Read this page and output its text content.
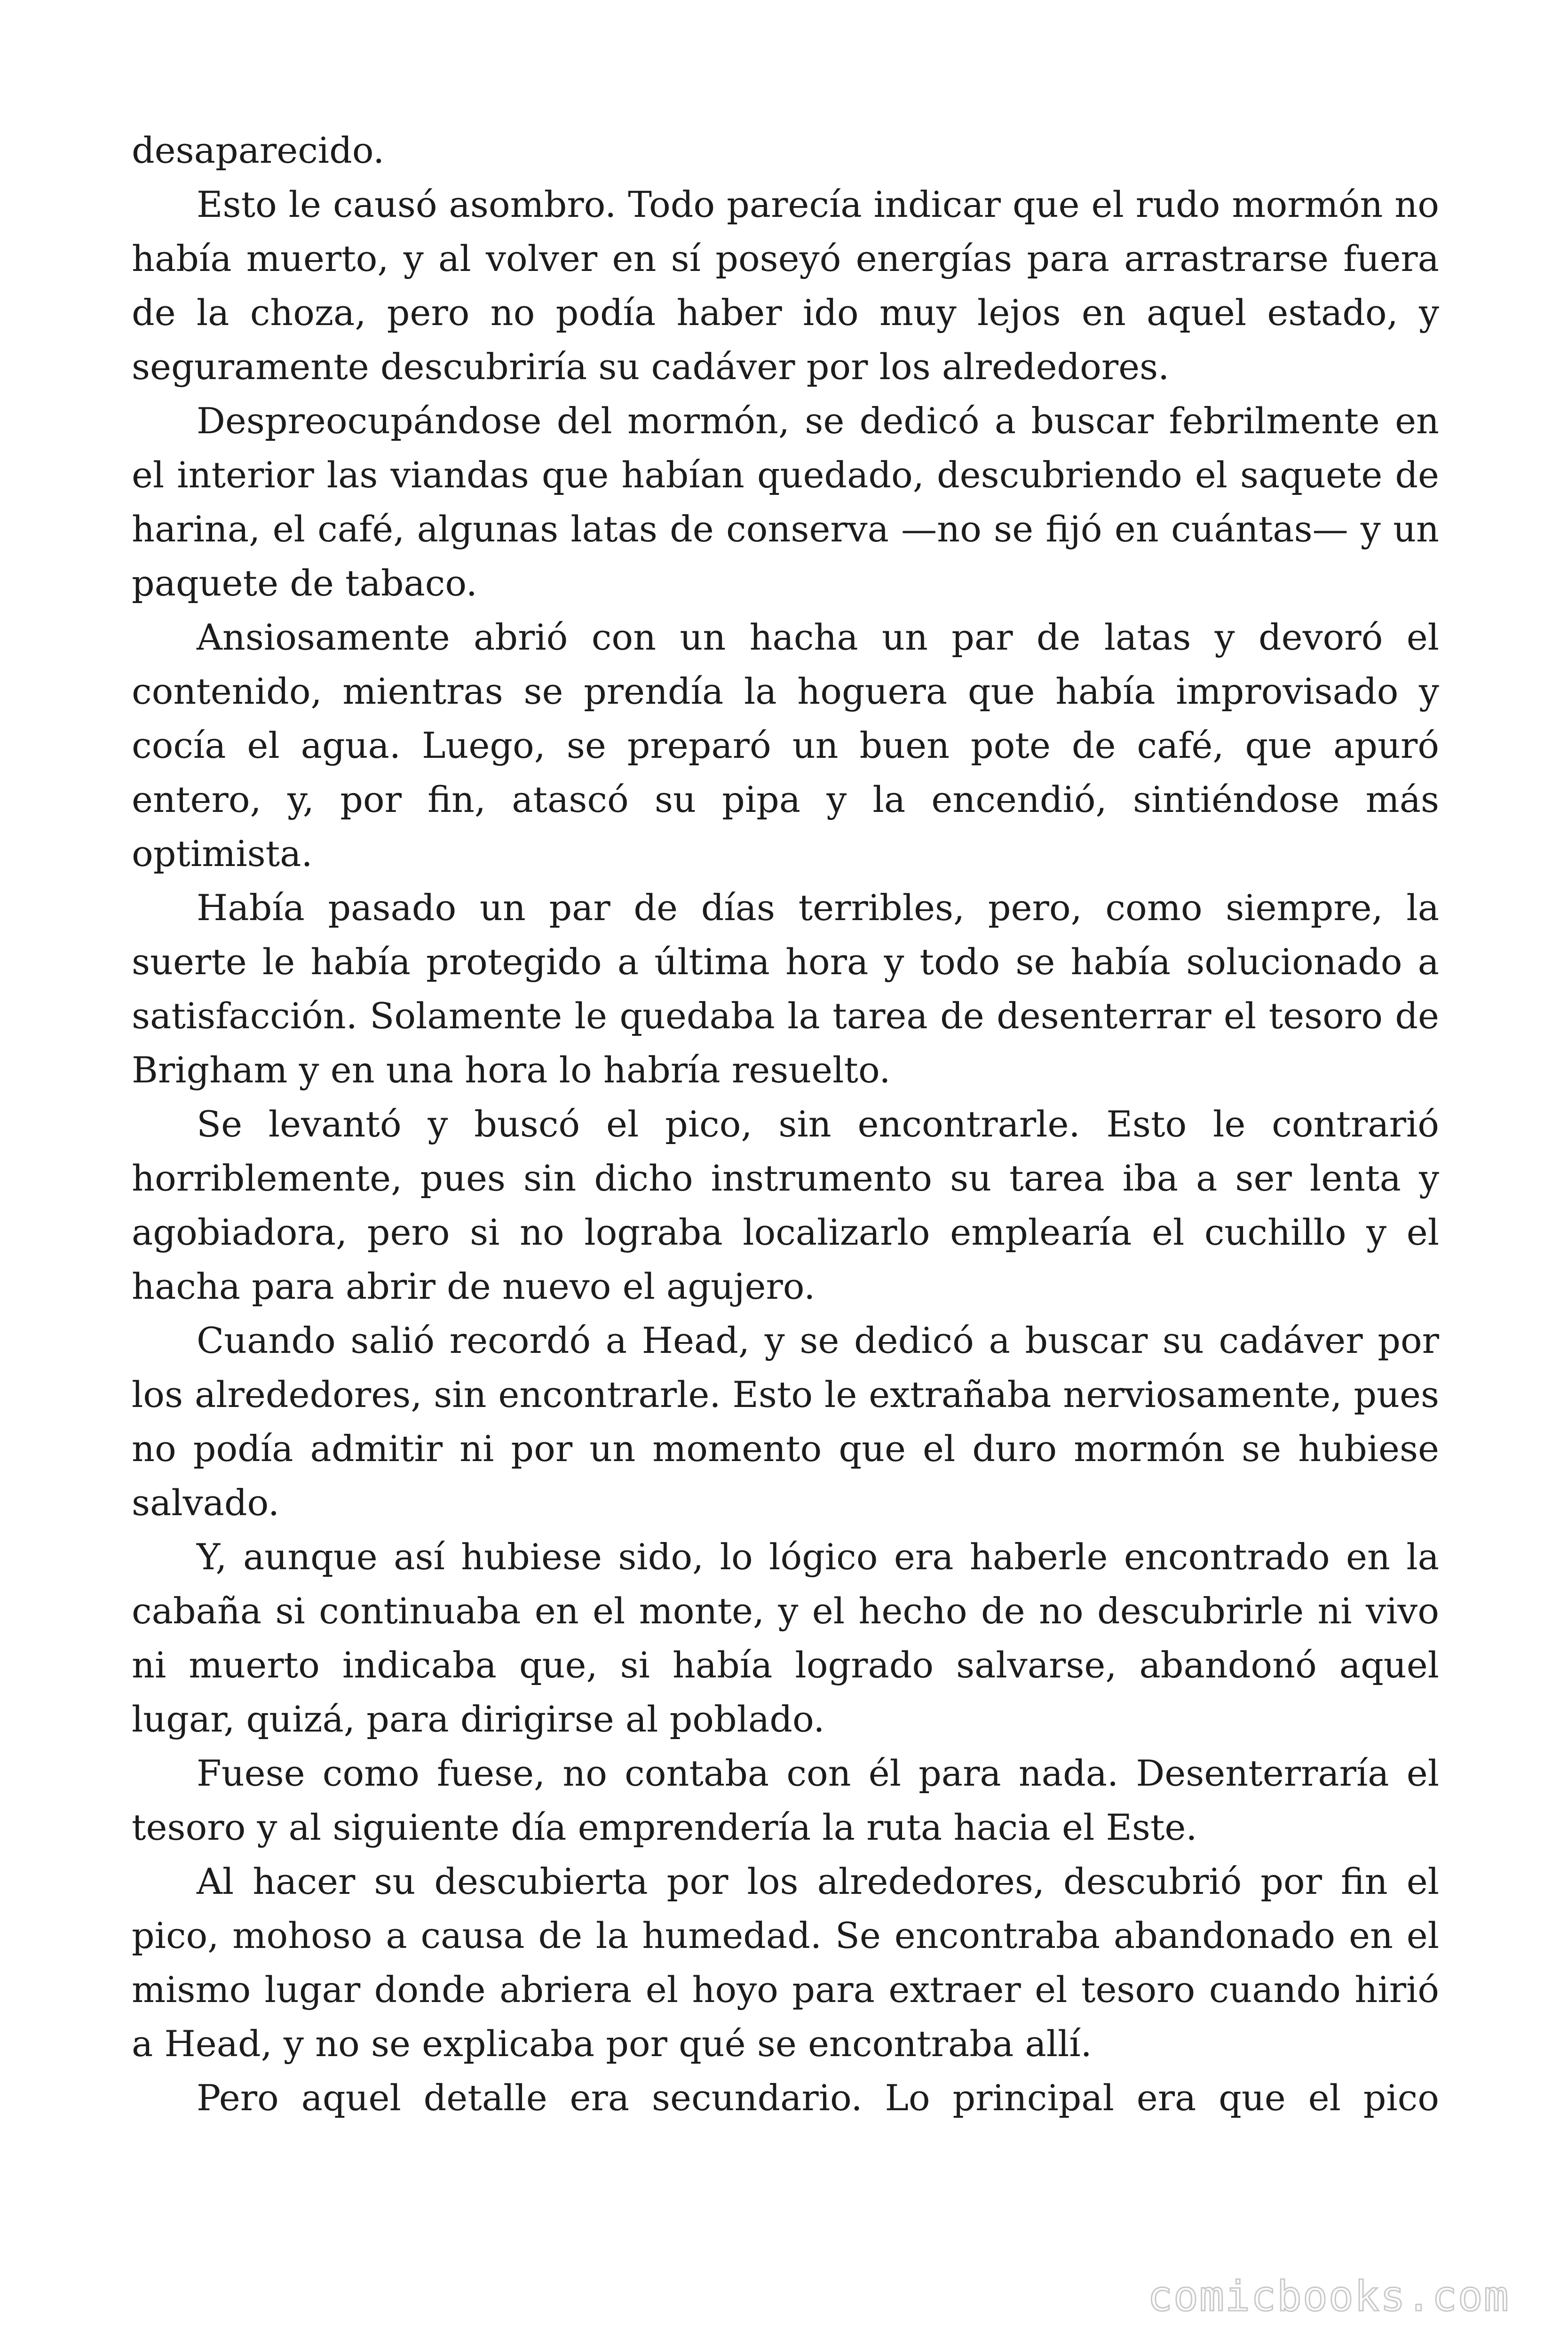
desaparecido.

Esto le causó asombro. Todo parecía indicar que el rudo mormón no había muerto, y al volver en sí poseyó energías para arrastrarse fuera de la choza, pero no podía haber ido muy lejos en aquel estado, y seguramente descubriría su cadáver por los alrededores.

Despreocupándose del mormón, se dedicó a buscar febrilmente en el interior las viandas que habían quedado, descubriendo el saquete de harina, el café, algunas latas de conserva —no se fijó en cuántas— y un paquete de tabaco.

Ansiosamente abrió con un hacha un par de latas y devoró el contenido, mientras se prendía la hoguera que había improvisado y cocía el agua. Luego, se preparó un buen pote de café, que apuró entero, y, por fin, atascó su pipa y la encendió, sintiéndose más optimista.

Había pasado un par de días terribles, pero, como siempre, la suerte le había protegido a última hora y todo se había solucionado a satisfacción. Solamente le quedaba la tarea de desenterrar el tesoro de Brigham y en una hora lo habría resuelto.

Se levantó y buscó el pico, sin encontrarle. Esto le contrarió horriblemente, pues sin dicho instrumento su tarea iba a ser lenta y agobiadora, pero si no lograba localizarlo emplearía el cuchillo y el hacha para abrir de nuevo el agujero.

Cuando salió recordó a Head, y se dedicó a buscar su cadáver por los alrededores, sin encontrarle. Esto le extrañaba nerviosamente, pues no podía admitir ni por un momento que el duro mormón se hubiese salvado.

Y, aunque así hubiese sido, lo lógico era haberle encontrado en la cabaña si continuaba en el monte, y el hecho de no descubrirle ni vivo ni muerto indicaba que, si había logrado salvarse, abandonó aquel lugar, quizá, para dirigirse al poblado.

Fuese como fuese, no contaba con él para nada. Desenterraría el tesoro y al siguiente día emprendería la ruta hacia el Este.

Al hacer su descubierta por los alrededores, descubrió por fin el pico, mohoso a causa de la humedad. Se encontraba abandonado en el mismo lugar donde abriera el hoyo para extraer el tesoro cuando hirió a Head, y no se explicaba por qué se encontraba allí.

Pero aquel detalle era secundario. Lo principal era que el pico

comicbooks.com
